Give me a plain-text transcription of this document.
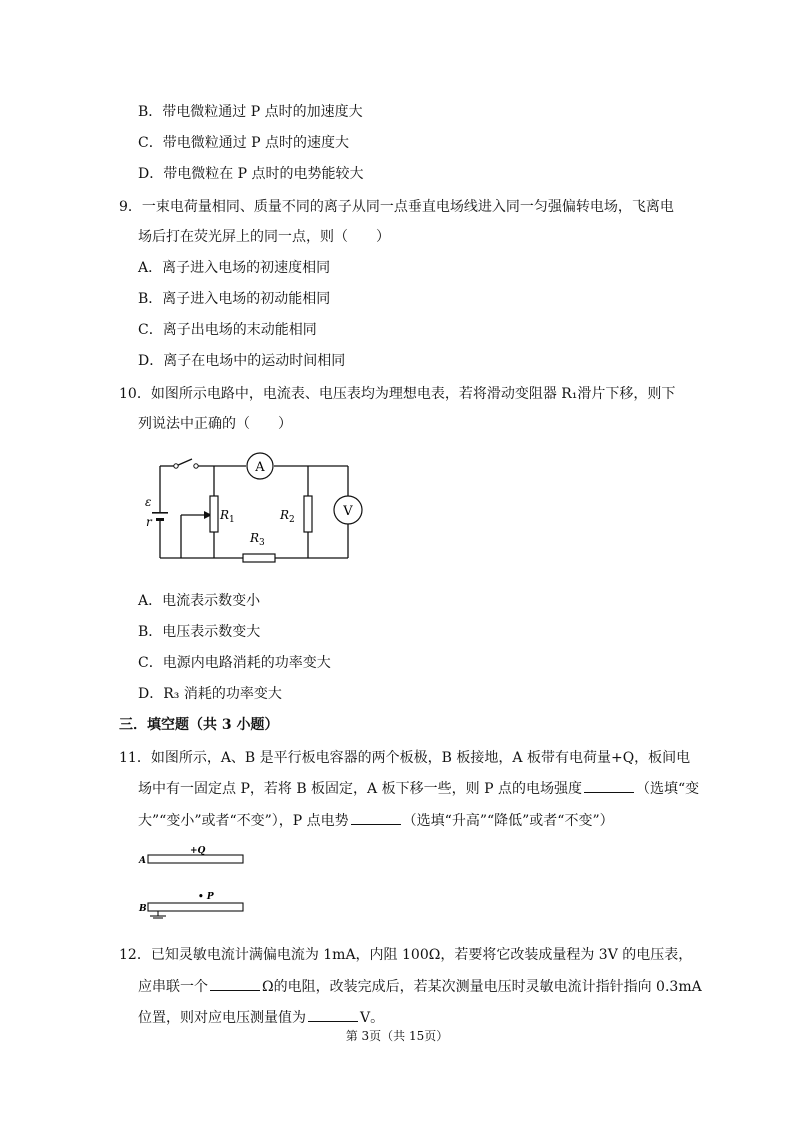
B．带电微粒通过 P 点时的加速度大
C．带电微粒通过 P 点时的速度大
D．带电微粒在 P 点时的电势能较大
9．一束电荷量相同、质量不同的离子从同一点垂直电场线进入同一匀强偏转电场，飞离电
场后打在荧光屏上的同一点，则（　　）
A．离子进入电场的初速度相同
B．离子进入电场的初动能相同
C．离子出电场的末动能相同
D．离子在电场中的运动时间相同
10．如图所示电路中，电流表、电压表均为理想电表，若将滑动变阻器 R₁滑片下移，则下
列说法中正确的（　　）
A
V
ε
r	$R_1$	$R_2$
$R_3$
A．电流表示数变小
B．电压表示数变大
C．电源内电路消耗的功率变大
D．R₃ 消耗的功率变大
三．填空题（共 3 小题）
11．如图所示，A、B 是平行板电容器的两个板极，B 板接地，A 板带有电荷量+Q，板间电
场中有一固定点 P，若将 B 板固定，A 板下移一些，则 P 点的电场强度	（选填“变
大”“变小”或者“不变”），P 点电势	（选填“升高”“降低”或者“不变”）
A
B
+Q
• P
12．已知灵敏电流计满偏电流为 1mA，内阻 100Ω，若要将它改装成量程为 3V 的电压表，
应串联一个	Ω的电阻，改装完成后，若某次测量电压时灵敏电流计指针指向 0.3mA
位置，则对应电压测量值为	V。
第 3页（共 15页）
